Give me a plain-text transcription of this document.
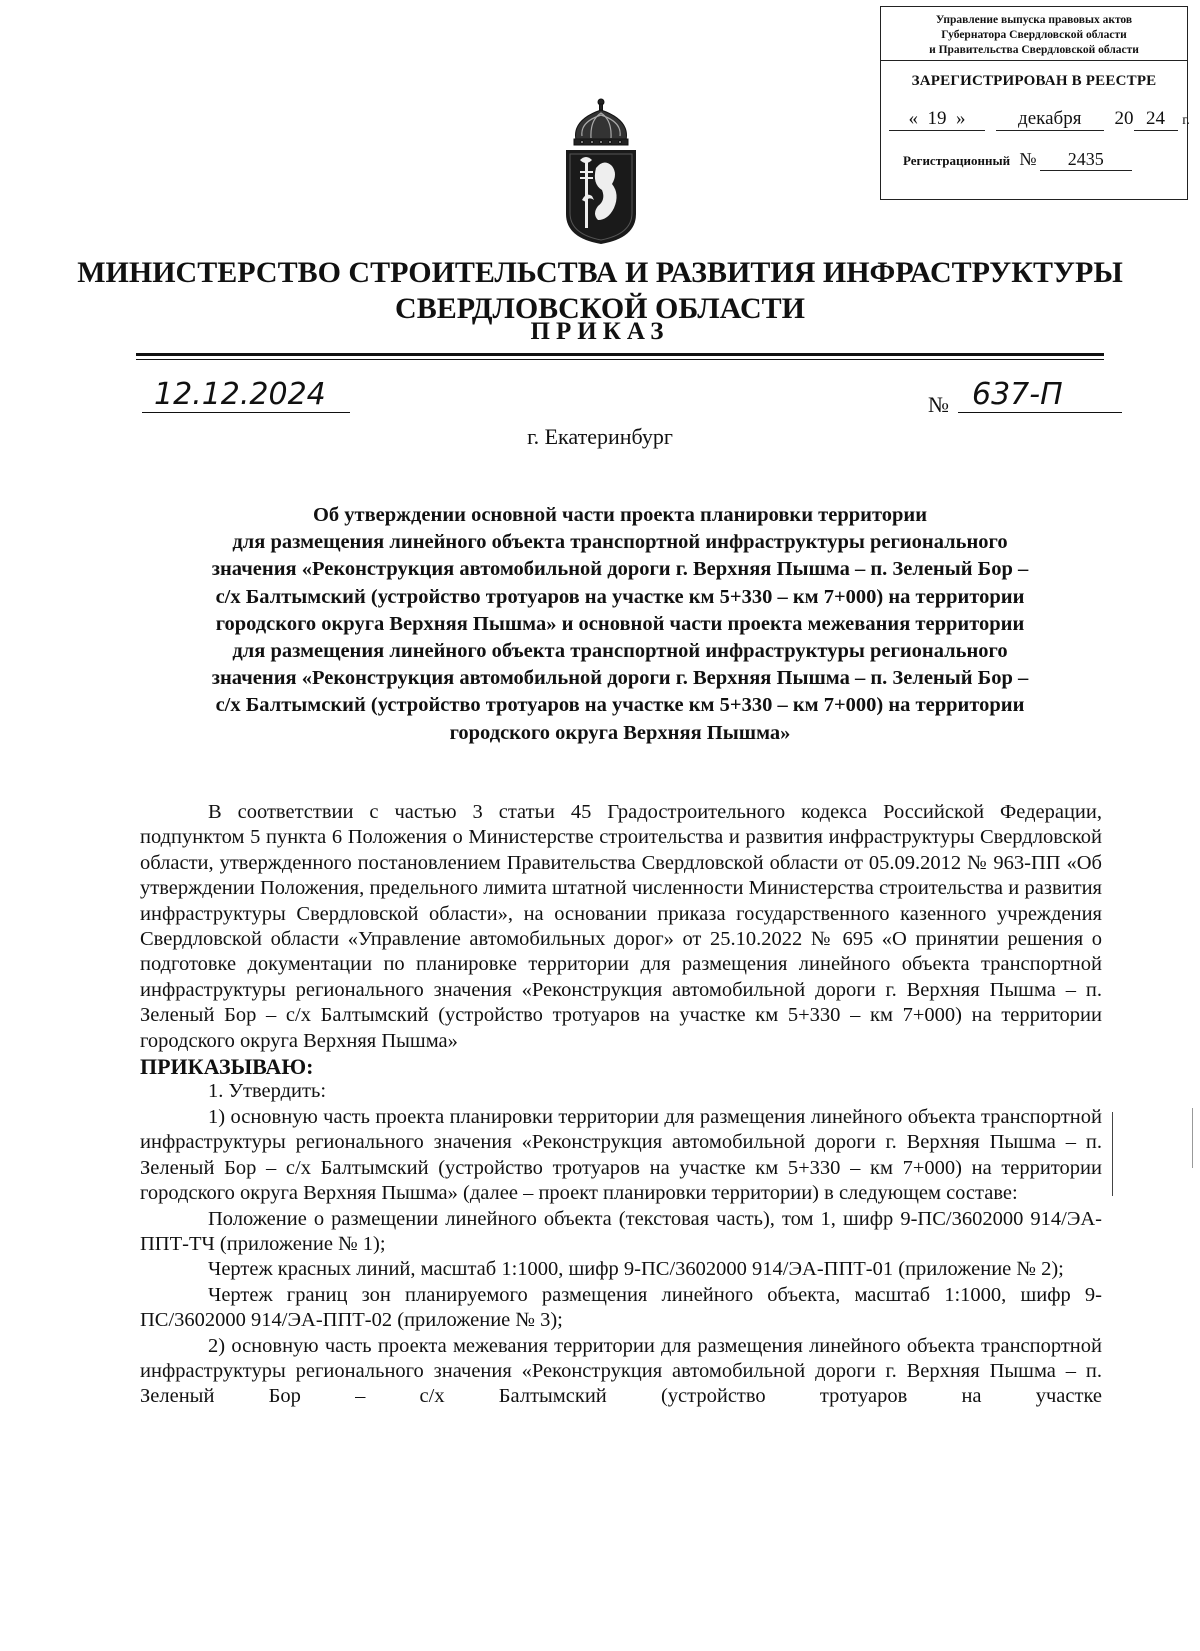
Управление выпуска правовых актов
Губернатора Свердловской области
и Правительства Свердловской области
ЗАРЕГИСТРИРОВАН В РЕЕСТРЕ
« 19 »	декабря 20 24 г.
Регистрационный № 2435
МИНИСТЕРСТВО СТРОИТЕЛЬСТВА И РАЗВИТИЯ ИНФРАСТРУКТУРЫ
СВЕРДЛОВСКОЙ ОБЛАСТИ
ПРИКАЗ
12.12.2024	№ 637-П
г. Екатеринбург
Об утверждении основной части проекта планировки территории
для размещения линейного объекта транспортной инфраструктуры регионального
значения «Реконструкция автомобильной дороги г. Верхняя Пышма – п. Зеленый Бор –
с/х Балтымский (устройство тротуаров на участке км 5+330 – км 7+000) на территории
городского округа Верхняя Пышма» и основной части проекта межевания территории
для размещения линейного объекта транспортной инфраструктуры регионального
значения «Реконструкция автомобильной дороги г. Верхняя Пышма – п. Зеленый Бор –
с/х Балтымский (устройство тротуаров на участке км 5+330 – км 7+000) на территории
городского округа Верхняя Пышма»

В соответствии с частью 3 статьи 45 Градостроительного кодекса Российской Федерации, подпунктом 5 пункта 6 Положения о Министерстве строительства и развития инфраструктуры Свердловской области, утвержденного постановлением Правительства Свердловской области от 05.09.2012 № 963-ПП «Об утверждении Положения, предельного лимита штатной численности Министерства строительства и развития инфраструктуры Свердловской области», на основании приказа государственного казенного учреждения Свердловской области «Управление автомобильных дорог» от 25.10.2022 № 695 «О принятии решения о подготовке документации по планировке территории для размещения линейного объекта транспортной инфраструктуры регионального значения «Реконструкция автомобильной дороги г. Верхняя Пышма – п. Зеленый Бор – с/х Балтымский (устройство тротуаров на участке км 5+330 – км 7+000) на территории городского округа Верхняя Пышма»

ПРИКАЗЫВАЮ:

1. Утвердить:

1) основную часть проекта планировки территории для размещения линейного объекта транспортной инфраструктуры регионального значения «Реконструкция автомобильной дороги г. Верхняя Пышма – п. Зеленый Бор – с/х Балтымский (устройство тротуаров на участке км 5+330 – км 7+000) на территории городского округа Верхняя Пышма» (далее – проект планировки территории) в следующем составе:

Положение о размещении линейного объекта (текстовая часть), том 1, шифр 9-ПС/3602000 914/ЭА-ППТ-ТЧ (приложение № 1);

Чертеж красных линий, масштаб 1:1000, шифр 9-ПС/3602000 914/ЭА-ППТ-01 (приложение № 2);

Чертеж границ зон планируемого размещения линейного объекта, масштаб 1:1000, шифр 9-ПС/3602000 914/ЭА-ППТ-02 (приложение № 3);

2) основную часть проекта межевания территории для размещения линейного объекта транспортной инфраструктуры регионального значения «Реконструкция автомобильной дороги г. Верхняя Пышма – п. Зеленый Бор – с/х Балтымский (устройство тротуаров на участке
